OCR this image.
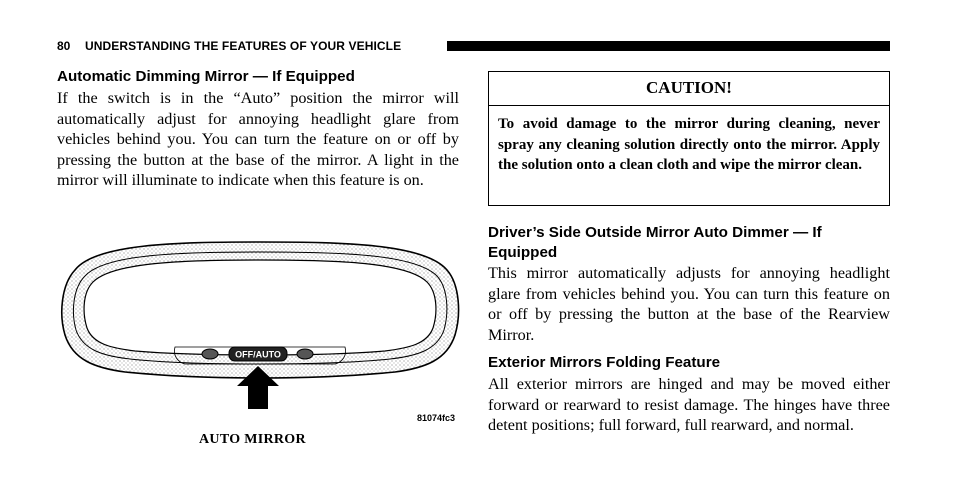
80 UNDERSTANDING THE FEATURES OF YOUR VEHICLE
Automatic Dimming Mirror — If Equipped
If the switch is in the “Auto” position the mirror will automatically adjust for annoying headlight glare from vehicles behind you. You can turn the feature on or off by pressing the button at the base of the mirror. A light in the mirror will illuminate to indicate when this feature is on.
OFF/AUTO
81074fc3
AUTO MIRROR
CAUTION!
To avoid damage to the mirror during cleaning, never spray any cleaning solution directly onto the mirror. Apply the solution onto a clean cloth and wipe the mirror clean.
Driver’s Side Outside Mirror Auto Dimmer — If Equipped
This mirror automatically adjusts for annoying headlight glare from vehicles behind you. You can turn this feature on or off by pressing the button at the base of the Rearview Mirror.
Exterior Mirrors Folding Feature
All exterior mirrors are hinged and may be moved either forward or rearward to resist damage. The hinges have three detent positions; full forward, full rearward, and normal.
